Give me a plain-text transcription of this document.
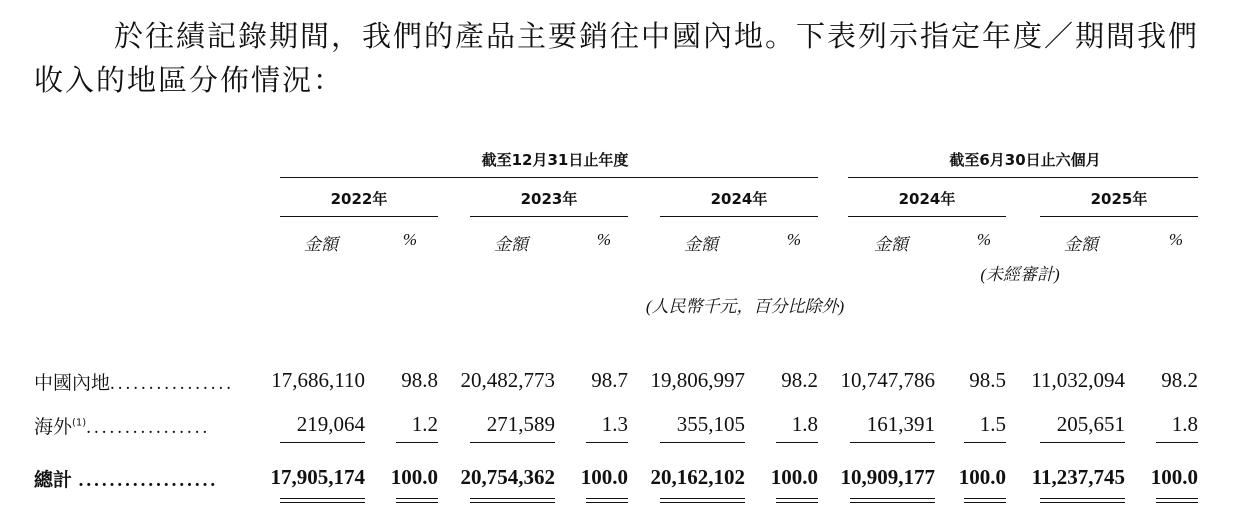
於往績記錄期間，我們的產品主要銷往中國內地。下表列示指定年度／期間我們收入的地區分佈情況：
截至12月31日止年度	截至6月30日止六個月
2022年	2023年	2024年	2024年	2025年
金額	%	金額	%	金額	%	金額	%	金額	%
(未經審計)
(人民幣千元，百分比除外)
中國內地................	17,686,110	98.8	20,482,773	98.7	19,806,997	98.2	10,747,786	98.5	11,032,094	98.2
海外$^{(1)}$................	219,064	1.2	271,589	1.3	355,105	1.8	161,391	1.5	205,651	1.8
總計 ..................	17,905,174	100.0	20,754,362	100.0	20,162,102	100.0	10,909,177	100.0	11,237,745	100.0
